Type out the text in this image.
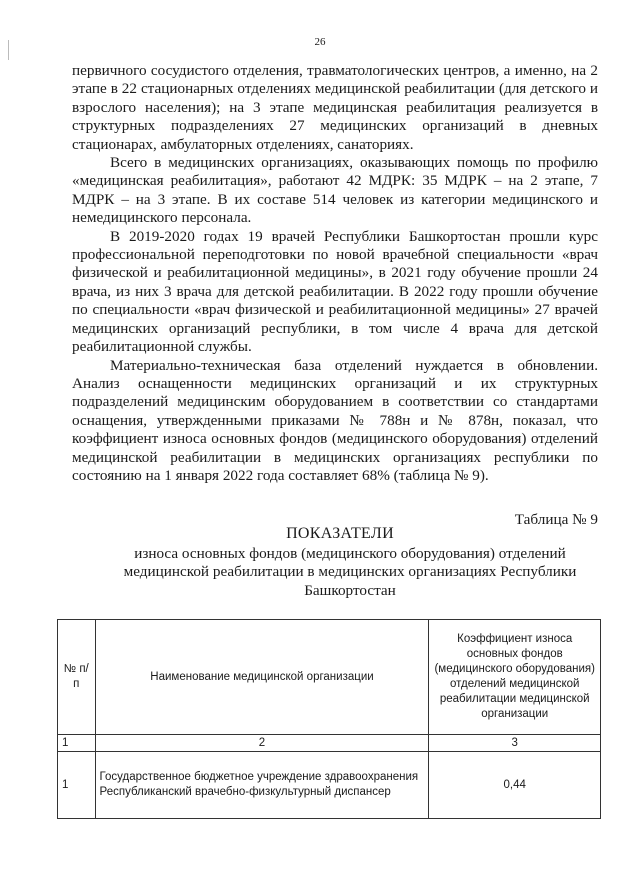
26

первичного сосудистого отделения, травматологических центров, а именно, на 2 этапе в 22 стационарных отделениях медицинской реабилитации (для детского и взрослого населения); на 3 этапе медицинская реабилитация реализуется в структурных подразделениях 27 медицинских организаций в дневных стационарах, амбулаторных отделениях, санаториях.

Всего в медицинских организациях, оказывающих помощь по профилю «медицинская реабилитация», работают 42 МДРК: 35 МДРК – на 2 этапе, 7 МДРК – на 3 этапе. В их составе 514 человек из категории медицинского и немедицинского персонала.

В 2019-2020 годах 19 врачей Республики Башкортостан прошли курс профессиональной переподготовки по новой врачебной специальности «врач физической и реабилитационной медицины», в 2021 году обучение прошли 24 врача, из них 3 врача для детской реабилитации. В 2022 году прошли обучение по специальности «врач физической и реабилитационной медицины» 27 врачей медицинских организаций республики, в том числе 4 врача для детской реабилитационной службы.

Материально-техническая база отделений нуждается в обновлении. Анализ оснащенности медицинских организаций и их структурных подразделений медицинским оборудованием в соответствии со стандартами оснащения, утвержденными приказами № 788н и № 878н, показал, что коэффициент износа основных фондов (медицинского оборудования) отделений медицинской реабилитации в медицинских организациях республики по состоянию на 1 января 2022 года составляет 68% (таблица № 9).

Таблица № 9
ПОКАЗАТЕЛИ
износа основных фондов (медицинского оборудования) отделений медицинской реабилитации в медицинских организациях Республики Башкортостан
№ п/п	Наименование медицинской организации	Коэффициент износа основных фондов (медицинского оборудования) отделений медицинской реабилитации медицинской организации
1	2	3
1	Государственное бюджетное учреждение здравоохранения Республиканский врачебно-физкультурный диспансер	0,44
